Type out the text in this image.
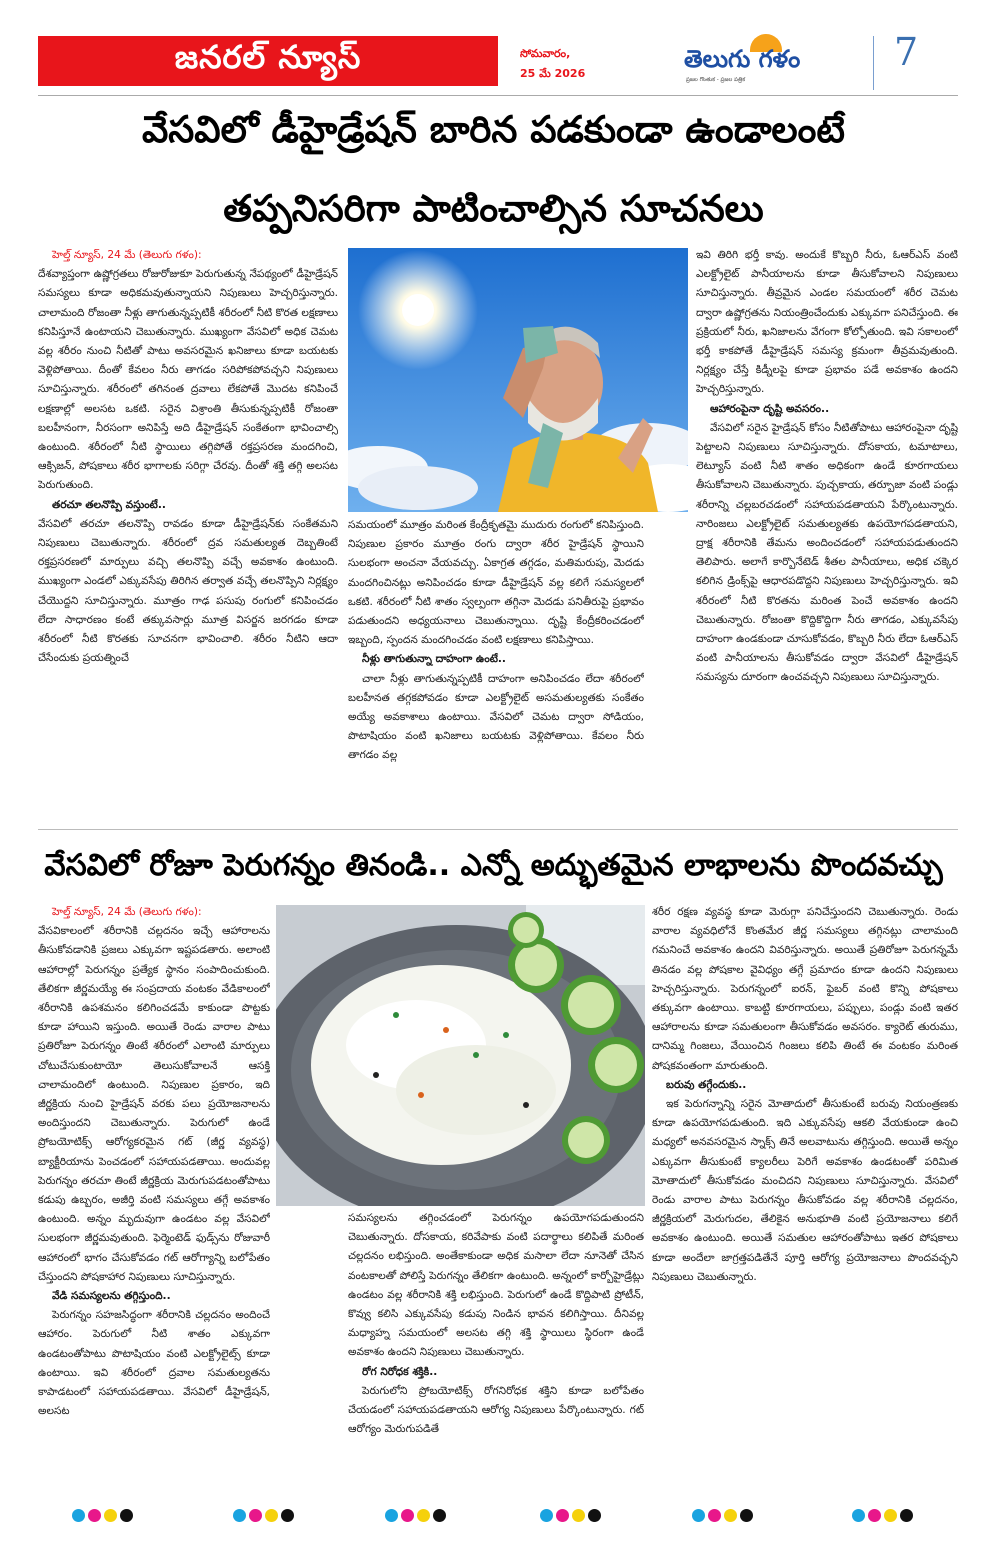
జనరల్ న్యూస్	సోమవారం,
25 మే 2026
తెలుగు గళం
ప్రజల గొంతుక - ప్రజల పత్రిక
7
వేసవిలో డీహైడ్రేషన్ బారిన పడకుండా ఉండాలంటే
తప్పనిసరిగా పాటించాల్సిన సూచనలు

హెల్త్ న్యూస్, 24 మే (తెలుగు గళం):

దేశవ్యాప్తంగా ఉష్ణోగ్రతలు రోజురోజుకూ పెరుగుతున్న నేపథ్యంలో డీహైడ్రేషన్ సమస్యలు కూడా అధికమవుతున్నాయని నిపుణులు హెచ్చరిస్తున్నారు. చాలామంది రోజంతా నీళ్లు తాగుతున్నప్పటికీ శరీరంలో నీటి కొరత లక్షణాలు కనిపిస్తూనే ఉంటాయని చెబుతున్నారు. ముఖ్యంగా వేసవిలో అధిక చెమట వల్ల శరీరం నుంచి నీటితో పాటు అవసరమైన ఖనిజాలు కూడా బయటకు వెళ్లిపోతాయి. దీంతో కేవలం నీరు తాగడం సరిపోకపోవచ్చని నిపుణులు సూచిస్తున్నారు. శరీరంలో తగినంత ద్రవాలు లేకపోతే మొదట కనిపించే లక్షణాల్లో అలసట ఒకటి. సరైన విశ్రాంతి తీసుకున్నప్పటికీ రోజంతా బలహీనంగా, నీరసంగా అనిపిస్తే అది డీహైడ్రేషన్ సంకేతంగా భావించాల్సి ఉంటుంది. శరీరంలో నీటి స్థాయిలు తగ్గిపోతే రక్తప్రసరణ మందగించి, ఆక్సిజన్, పోషకాలు శరీర భాగాలకు సరిగ్గా చేరవు. దీంతో శక్తి తగ్గి అలసట పెరుగుతుంది.

తరచూ తలనొప్పి వస్తుంటే..

వేసవిలో తరచూ తలనొప్పి రావడం కూడా డీహైడ్రేషన్‌కు సంకేతమని నిపుణులు చెబుతున్నారు. శరీరంలో ద్రవ సమతుల్యత దెబ్బతింటే రక్తప్రసరణలో మార్పులు వచ్చి తలనొప్పి వచ్చే అవకాశం ఉంటుంది. ముఖ్యంగా ఎండలో ఎక్కువసేపు తిరిగిన తర్వాత వచ్చే తలనొప్పిని నిర్లక్ష్యం చేయొద్దని సూచిస్తున్నారు. మూత్రం గాఢ పసుపు రంగులో కనిపించడం లేదా సాధారణం కంటే తక్కువసార్లు మూత్ర విసర్జన జరగడం కూడా శరీరంలో నీటి కొరతకు సూచనగా భావించాలి. శరీరం నీటిని ఆదా చేసేందుకు ప్రయత్నించే

సమయంలో మూత్రం మరింత కేంద్రీకృతమై ముదురు రంగులో కనిపిస్తుంది. నిపుణుల ప్రకారం మూత్రం రంగు ద్వారా శరీర హైడ్రేషన్ స్థాయిని సులభంగా అంచనా వేయవచ్చు. ఏకాగ్రత తగ్గడం, మతిమరుపు, మెదడు మందగించినట్లు అనిపించడం కూడా డీహైడ్రేషన్ వల్ల కలిగే సమస్యలలో ఒకటి. శరీరంలో నీటి శాతం స్వల్పంగా తగ్గినా మెదడు పనితీరుపై ప్రభావం పడుతుందని అధ్యయనాలు చెబుతున్నాయి. దృష్టి కేంద్రీకరించడంలో ఇబ్బంది, స్పందన మందగించడం వంటి లక్షణాలు కనిపిస్తాయి.

నీళ్లు తాగుతున్నా దాహంగా ఉంటే..

చాలా నీళ్లు తాగుతున్నప్పటికీ దాహంగా అనిపించడం లేదా శరీరంలో బలహీనత తగ్గకపోవడం కూడా ఎలక్ట్రోలైట్ అసమతుల్యతకు సంకేతం అయ్యే అవకాశాలు ఉంటాయి. వేసవిలో చెమట ద్వారా సోడియం, పొటాషియం వంటి ఖనిజాలు బయటకు వెళ్లిపోతాయి. కేవలం నీరు తాగడం వల్ల

ఇవి తిరిగి భర్తీ కావు. అందుకే కొబ్బరి నీరు, ఓఆర్ఎస్ వంటి ఎలక్ట్రోలైట్ పానీయాలను కూడా తీసుకోవాలని నిపుణులు సూచిస్తున్నారు. తీవ్రమైన ఎండల సమయంలో శరీర చెమట ద్వారా ఉష్ణోగ్రతను నియంత్రించేందుకు ఎక్కువగా పనిచేస్తుంది. ఈ ప్రక్రియలో నీరు, ఖనిజాలను వేగంగా కోల్పోతుంది. ఇవి సకాలంలో భర్తీ కాకపోతే డీహైడ్రేషన్ సమస్య క్రమంగా తీవ్రమవుతుంది. నిర్లక్ష్యం చేస్తే కిడ్నీలపై కూడా ప్రభావం పడే అవకాశం ఉందని హెచ్చరిస్తున్నారు.

ఆహారంపైనా దృష్టి అవసరం..

వేసవిలో సరైన హైడ్రేషన్ కోసం నీటితోపాటు ఆహారంపైనా దృష్టి పెట్టాలని నిపుణులు సూచిస్తున్నారు. దోసకాయ, టమాటాలు, లెట్యూస్ వంటి నీటి శాతం అధికంగా ఉండే కూరగాయలు తీసుకోవాలని చెబుతున్నారు. పుచ్చకాయ, తర్బూజా వంటి పండ్లు శరీరాన్ని చల్లబరచడంలో సహాయపడతాయని పేర్కొంటున్నారు. నారింజలు ఎలక్ట్రోలైట్ సమతుల్యతకు ఉపయోగపడతాయని, ద్రాక్ష శరీరానికి తేమను అందించడంలో సహాయపడుతుందని తెలిపారు. అలాగే కార్బొనేటెడ్ శీతల పానీయాలు, అధిక చక్కెర కలిగిన డ్రింక్స్‌పై ఆధారపడొద్దని నిపుణులు హెచ్చరిస్తున్నారు. ఇవి శరీరంలో నీటి కొరతను మరింత పెంచే అవకాశం ఉందని చెబుతున్నారు. రోజంతా కొద్దికొద్దిగా నీరు తాగడం, ఎక్కువసేపు దాహంగా ఉండకుండా చూసుకోవడం, కొబ్బరి నీరు లేదా ఓఆర్ఎస్ వంటి పానీయాలను తీసుకోవడం ద్వారా వేసవిలో డీహైడ్రేషన్ సమస్యను దూరంగా ఉంచవచ్చని నిపుణులు సూచిస్తున్నారు.

వేసవిలో రోజూ పెరుగన్నం తినండి.. ఎన్నో అద్భుతమైన లాభాలను పొందవచ్చు

హెల్త్ న్యూస్, 24 మే (తెలుగు గళం):

వేసవికాలంలో శరీరానికి చల్లదనం ఇచ్చే ఆహారాలను తీసుకోవడానికి ప్రజలు ఎక్కువగా ఇష్టపడతారు. అలాంటి ఆహారాల్లో పెరుగన్నం ప్రత్యేక స్థానం సంపాదించుకుంది. తేలికగా జీర్ణమయ్యే ఈ సంప్రదాయ వంటకం వేడికాలంలో శరీరానికి ఉపశమనం కలిగించడమే కాకుండా పొట్టకు కూడా హాయిని ఇస్తుంది. అయితే రెండు వారాల పాటు ప్రతిరోజూ పెరుగన్నం తింటే శరీరంలో ఎలాంటి మార్పులు చోటుచేసుకుంటాయో తెలుసుకోవాలనే ఆసక్తి చాలామందిలో ఉంటుంది. నిపుణుల ప్రకారం, ఇది జీర్ణక్రియ నుంచి హైడ్రేషన్ వరకు పలు ప్రయోజనాలను అందిస్తుందని చెబుతున్నారు. పెరుగులో ఉండే ప్రోబయోటిక్స్ ఆరోగ్యకరమైన గట్ (జీర్ణ వ్యవస్థ) బ్యాక్టీరియాను పెంచడంలో సహాయపడతాయి. అందువల్ల పెరుగన్నం తరచూ తింటే జీర్ణక్రియ మెరుగుపడటంతోపాటు కడుపు ఉబ్బరం, అజీర్తి వంటి సమస్యలు తగ్గే అవకాశం ఉంటుంది. అన్నం మృదువుగా ఉండటం వల్ల వేసవిలో సులభంగా జీర్ణమవుతుంది. ఫెర్మెంటెడ్ ఫుడ్స్‌ను రోజువారీ ఆహారంలో భాగం చేసుకోవడం గట్ ఆరోగ్యాన్ని బలోపేతం చేస్తుందని పోషకాహార నిపుణులు సూచిస్తున్నారు.

వేడి సమస్యలను తగ్గిస్తుంది..

పెరుగన్నం సహజసిద్ధంగా శరీరానికి చల్లదనం అందించే ఆహారం. పెరుగులో నీటి శాతం ఎక్కువగా ఉండటంతోపాటు పొటాషియం వంటి ఎలక్ట్రోలైట్స్ కూడా ఉంటాయి. ఇవి శరీరంలో ద్రవాల సమతుల్యతను కాపాడటంలో సహాయపడతాయి. వేసవిలో డీహైడ్రేషన్, అలసట

సమస్యలను తగ్గించడంలో పెరుగన్నం ఉపయోగపడుతుందని చెబుతున్నారు. దోసకాయ, కరివేపాకు వంటి పదార్థాలు కలిపితే మరింత చల్లదనం లభిస్తుంది. అంతేకాకుండా అధిక మసాలా లేదా నూనెతో చేసిన వంటకాలతో పోలిస్తే పెరుగన్నం తేలికగా ఉంటుంది. అన్నంలో కార్బోహైడ్రేట్లు ఉండటం వల్ల శరీరానికి శక్తి లభిస్తుంది. పెరుగులో ఉండే కొద్దిపాటి ప్రోటీన్, కొవ్వు కలిసి ఎక్కువసేపు కడుపు నిండిన భావన కలిగిస్తాయి. దీనివల్ల మధ్యాహ్న సమయంలో అలసట తగ్గి శక్తి స్థాయిలు స్థిరంగా ఉండే అవకాశం ఉందని నిపుణులు చెబుతున్నారు.

రోగ నిరోధక శక్తికి..

పెరుగులోని ప్రోబయోటిక్స్ రోగనిరోధక శక్తిని కూడా బలోపేతం చేయడంలో సహాయపడతాయని ఆరోగ్య నిపుణులు పేర్కొంటున్నారు. గట్ ఆరోగ్యం మెరుగుపడితే

శరీర రక్షణ వ్యవస్థ కూడా మెరుగ్గా పనిచేస్తుందని చెబుతున్నారు. రెండు వారాల వ్యవధిలోనే కొంతమేర జీర్ణ సమస్యలు తగ్గినట్లు చాలామంది గమనించే అవకాశం ఉందని వివరిస్తున్నారు. అయితే ప్రతిరోజూ పెరుగన్నమే తినడం వల్ల పోషకాల వైవిధ్యం తగ్గే ప్రమాదం కూడా ఉందని నిపుణులు హెచ్చరిస్తున్నారు. పెరుగన్నంలో ఐరన్, ఫైబర్ వంటి కొన్ని పోషకాలు తక్కువగా ఉంటాయి. కాబట్టి కూరగాయలు, పప్పులు, పండ్లు వంటి ఇతర ఆహారాలను కూడా సమతులంగా తీసుకోవడం అవసరం. క్యారెట్ తురుము, దానిమ్మ గింజలు, వేయించిన గింజలు కలిపి తింటే ఈ వంటకం మరింత పోషకవంతంగా మారుతుంది.

బరువు తగ్గేందుకు..

ఇక పెరుగన్నాన్ని సరైన మోతాదులో తీసుకుంటే బరువు నియంత్రణకు కూడా ఉపయోగపడుతుంది. ఇది ఎక్కువసేపు ఆకలి వేయకుండా ఉంచి మధ్యలో అనవసరమైన స్నాక్స్ తినే అలవాటును తగ్గిస్తుంది. అయితే అన్నం ఎక్కువగా తీసుకుంటే క్యాలరీలు పెరిగే అవకాశం ఉండటంతో పరిమిత మోతాదులో తీసుకోవడం మంచిదని నిపుణులు సూచిస్తున్నారు. వేసవిలో రెండు వారాల పాటు పెరుగన్నం తీసుకోవడం వల్ల శరీరానికి చల్లదనం, జీర్ణక్రియలో మెరుగుదల, తేలికైన అనుభూతి వంటి ప్రయోజనాలు కలిగే అవకాశం ఉంటుంది. అయితే సమతుల ఆహారంతోపాటు ఇతర పోషకాలు కూడా అందేలా జాగ్రత్తపడితేనే పూర్తి ఆరోగ్య ప్రయోజనాలు పొందవచ్చని నిపుణులు చెబుతున్నారు.
